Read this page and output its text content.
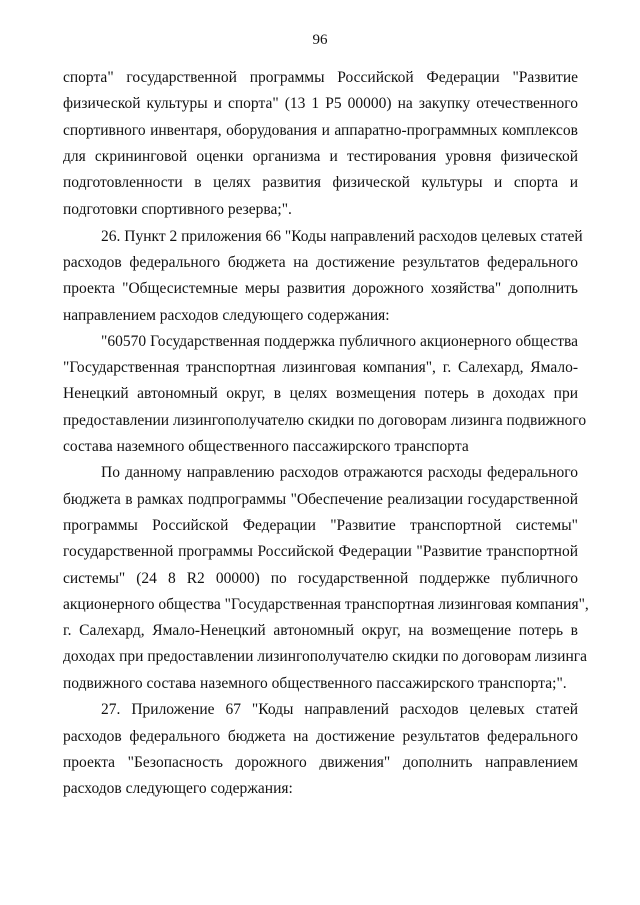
96
спорта" государственной программы Российской Федерации "Развитие
физической культуры и спорта" (13 1 Р5 00000) на закупку отечественного
спортивного инвентаря, оборудования и аппаратно-программных комплексов
для скрининговой оценки организма и тестирования уровня физической
подготовленности в целях развития физической культуры и спорта и
подготовки спортивного резерва;".
26. Пункт 2 приложения 66 "Коды направлений расходов целевых статей
расходов федерального бюджета на достижение результатов федерального
проекта "Общесистемные меры развития дорожного хозяйства" дополнить
направлением расходов следующего содержания:
"60570 Государственная поддержка публичного акционерного общества
"Государственная транспортная лизинговая компания", г. Салехард, Ямало-
Ненецкий автономный округ, в целях возмещения потерь в доходах при
предоставлении лизингополучателю скидки по договорам лизинга подвижного
состава наземного общественного пассажирского транспорта
По данному направлению расходов отражаются расходы федерального
бюджета в рамках подпрограммы "Обеспечение реализации государственной
программы Российской Федерации "Развитие транспортной системы"
государственной программы Российской Федерации "Развитие транспортной
системы" (24 8 R2 00000) по государственной поддержке публичного
акционерного общества "Государственная транспортная лизинговая компания",
г. Салехард, Ямало-Ненецкий автономный округ, на возмещение потерь в
доходах при предоставлении лизингополучателю скидки по договорам лизинга
подвижного состава наземного общественного пассажирского транспорта;".
27. Приложение 67 "Коды направлений расходов целевых статей
расходов федерального бюджета на достижение результатов федерального
проекта "Безопасность дорожного движения" дополнить направлением
расходов следующего содержания:
